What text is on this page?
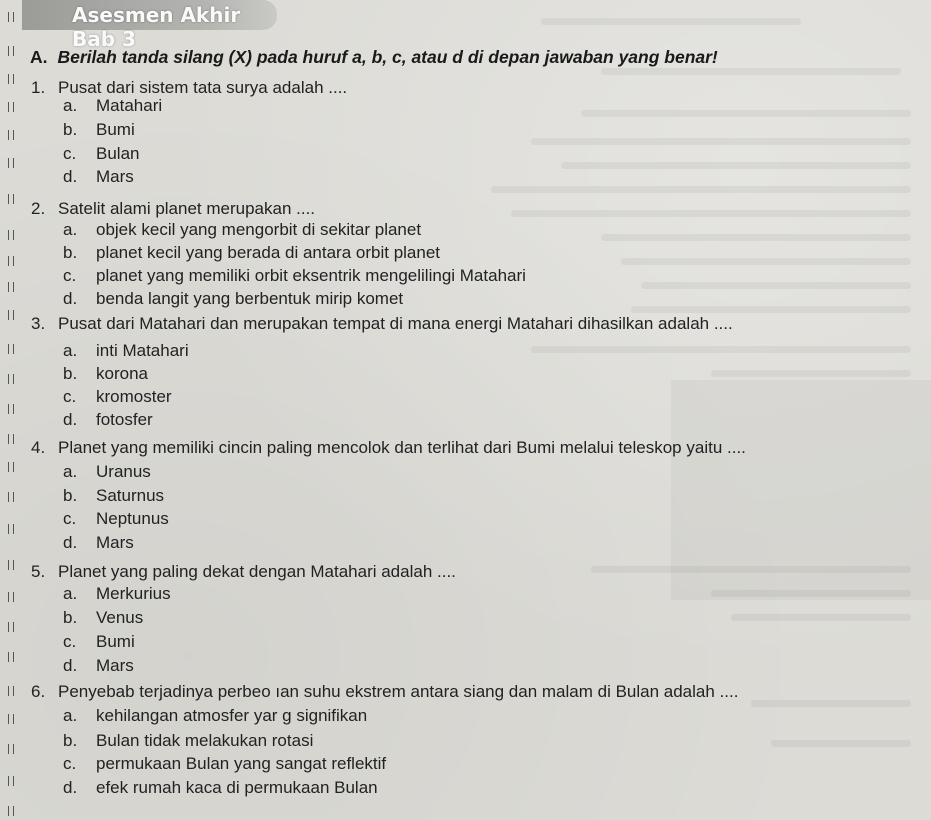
Asesmen Akhir Bab 3
A. Berilah tanda silang (X) pada huruf a, b, c, atau d di depan jawaban yang benar!
1. Pusat dari sistem tata surya adalah ....
a. Matahari
b. Bumi
c. Bulan
d. Mars
2. Satelit alami planet merupakan ....
a. objek kecil yang mengorbit di sekitar planet
b. planet kecil yang berada di antara orbit planet
c. planet yang memiliki orbit eksentrik mengelilingi Matahari
d. benda langit yang berbentuk mirip komet
3. Pusat dari Matahari dan merupakan tempat di mana energi Matahari dihasilkan adalah ....
a. inti Matahari
b. korona
c. kromoster
d. fotosfer
4. Planet yang memiliki cincin paling mencolok dan terlihat dari Bumi melalui teleskop yaitu ....
a. Uranus
b. Saturnus
c. Neptunus
d. Mars
5. Planet yang paling dekat dengan Matahari adalah ....
a. Merkurius
b. Venus
c. Bumi
d. Mars
6. Penyebab terjadinya perbeo ıan suhu ekstrem antara siang dan malam di Bulan adalah ....
a. kehilangan atmosfer yar g signifikan
b. Bulan tidak melakukan rotasi
c. permukaan Bulan yang sangat reflektif
d. efek rumah kaca di permukaan Bulan
